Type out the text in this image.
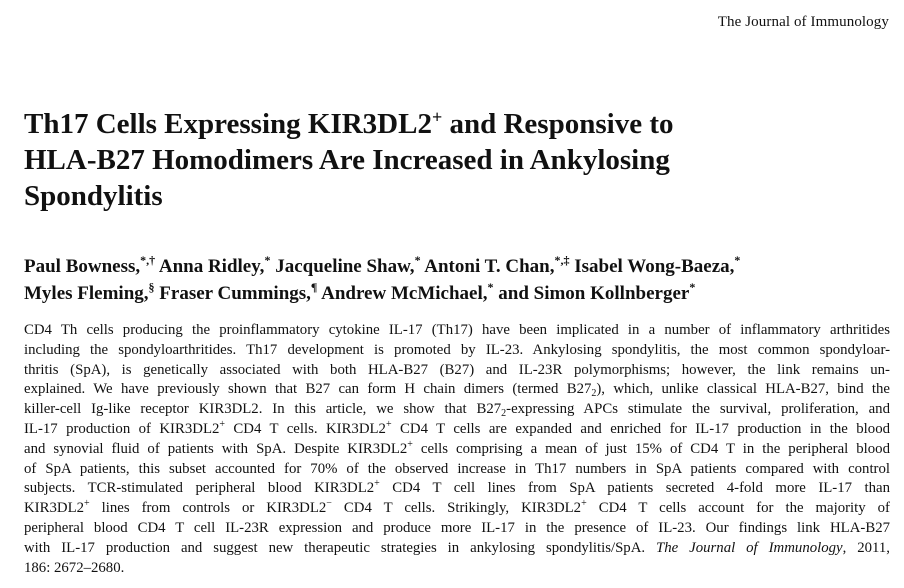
The Journal of Immunology
Th17 Cells Expressing KIR3DL2+ and Responsive to
HLA-B27 Homodimers Are Increased in Ankylosing
Spondylitis

Paul Bowness,*,† Anna Ridley,* Jacqueline Shaw,* Antoni T. Chan,*,‡ Isabel Wong-Baeza,*
Myles Fleming,§ Fraser Cummings,¶ Andrew McMichael,* and Simon Kollnberger*

CD4 Th cells producing the proinflammatory cytokine IL-17 (Th17) have been implicated in a number of inflammatory arthritides
including the spondyloarthritides. Th17 development is promoted by IL-23. Ankylosing spondylitis, the most common spondyloar-
thritis (SpA), is genetically associated with both HLA-B27 (B27) and IL-23R polymorphisms; however, the link remains un-
explained. We have previously shown that B27 can form H chain dimers (termed $B27_2$), which, unlike classical HLA-B27, bind the
killer-cell Ig-like receptor KIR3DL2. In this article, we show that $B27_2$-expressing APCs stimulate the survival, proliferation, and
IL-17 production of KIR3DL2+ CD4 T cells. KIR3DL2+ CD4 T cells are expanded and enriched for IL-17 production in the blood
and synovial fluid of patients with SpA. Despite KIR3DL2+ cells comprising a mean of just 15% of CD4 T in the peripheral blood
of SpA patients, this subset accounted for 70% of the observed increase in Th17 numbers in SpA patients compared with control
subjects. TCR-stimulated peripheral blood KIR3DL2+ CD4 T cell lines from SpA patients secreted 4-fold more IL-17 than
KIR3DL2+ lines from controls or KIR3DL2− CD4 T cells. Strikingly, KIR3DL2+ CD4 T cells account for the majority of
peripheral blood CD4 T cell IL-23R expression and produce more IL-17 in the presence of IL-23. Our findings link HLA-B27
with IL-17 production and suggest new therapeutic strategies in ankylosing spondylitis/SpA. The Journal of Immunology, 2011,
186: 2672–2680.
